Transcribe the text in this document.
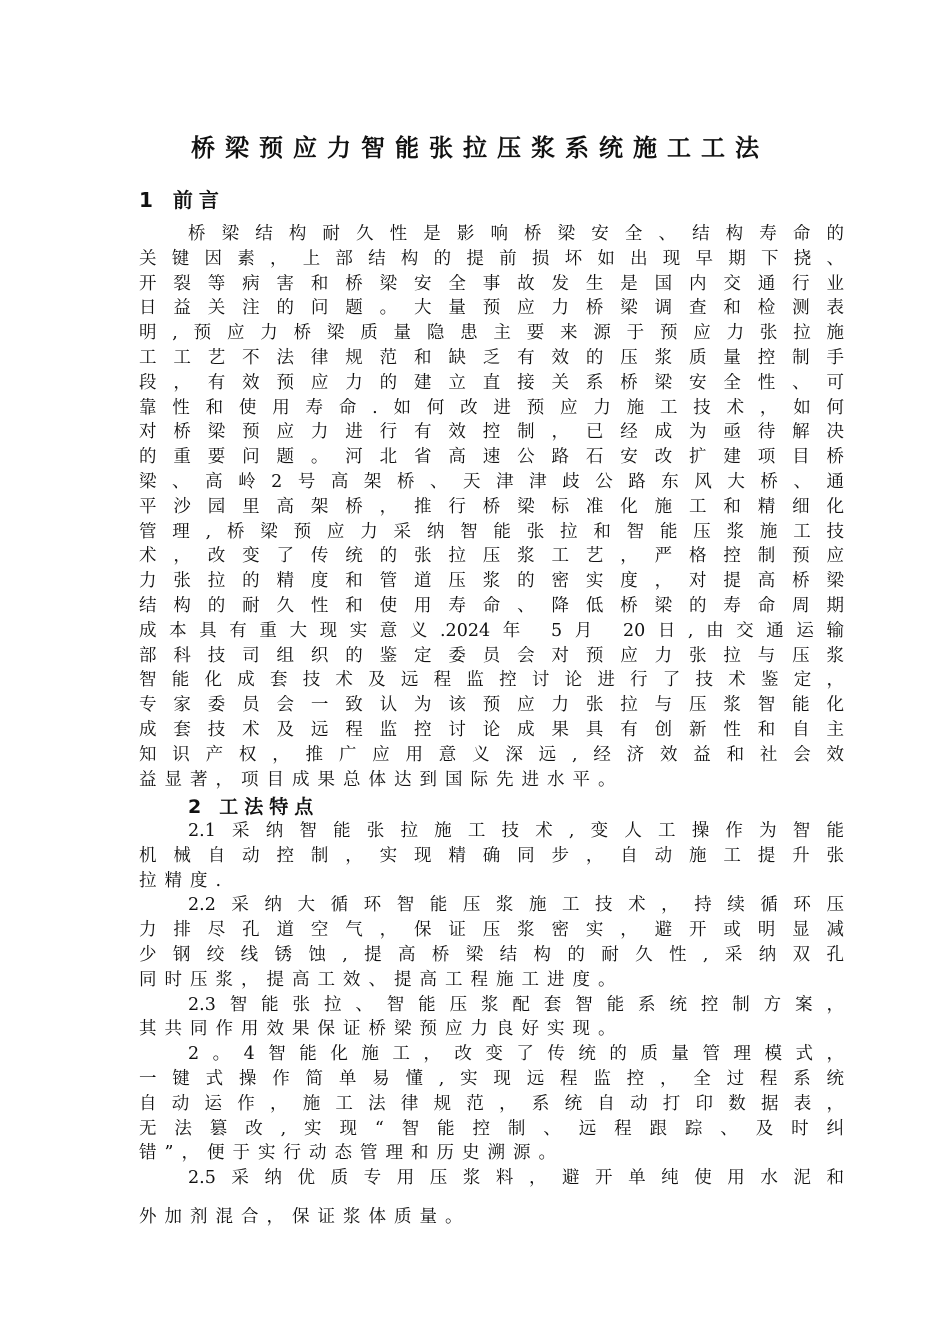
桥梁预应力智能张拉压浆系统施工工法
1 前言
桥梁结构耐久性是影响桥梁安全、结构寿命的
关键因素，上部结构的提前损坏如出现早期下挠、
开裂等病害和桥梁安全事故发生是国内交通行业
日益关注的问题。大量预应力桥梁调查和检测表
明,预应力桥梁质量隐患主要来源于预应力张拉施
工工艺不法律规范和缺乏有效的压浆质量控制手
段，有效预应力的建立直接关系桥梁安全性、可
靠性和使用寿命.如何改进预应力施工技术，如何
对桥梁预应力进行有效控制，已经成为亟待解决
的重要问题。河北省高速公路石安改扩建项目桥
梁、高岭2号高架桥、天津津歧公路东风大桥、通
平沙园里高架桥，推行桥梁标准化施工和精细化
管理,桥梁预应力采纳智能张拉和智能压浆施工技
术，改变了传统的张拉压浆工艺，严格控制预应
力张拉的精度和管道压浆的密实度，对提高桥梁
结构的耐久性和使用寿命、降低桥梁的寿命周期
成本具有重大现实意义.2024年 5月 20日,由交通运输
部科技司组织的鉴定委员会对预应力张拉与压浆
智能化成套技术及远程监控讨论进行了技术鉴定，
专家委员会一致认为该预应力张拉与压浆智能化
成套技术及远程监控讨论成果具有创新性和自主
知识产权，推广应用意义深远,经济效益和社会效
益显著，项目成果总体达到国际先进水平。
2 工法特点
2.1采纳智能张拉施工技术,变人工操作为智能
机械自动控制，实现精确同步，自动施工提升张
拉精度.
2.2采纳大循环智能压浆施工技术，持续循环压
力排尽孔道空气，保证压浆密实，避开或明显减
少钢绞线锈蚀,提高桥梁结构的耐久性,采纳双孔
同时压浆，提高工效、提高工程施工进度。
2.3智能张拉、智能压浆配套智能系统控制方案，
其共同作用效果保证桥梁预应力良好实现。
2。4智能化施工，改变了传统的质量管理模式，
一键式操作简单易懂,实现远程监控，全过程系统
自动运作，施工法律规范，系统自动打印数据表，
无法篡改,实现“智能控制、远程跟踪、及时纠
错”，便于实行动态管理和历史溯源。
2.5采纳优质专用压浆料，避开单纯使用水泥和
外加剂混合，保证浆体质量。
